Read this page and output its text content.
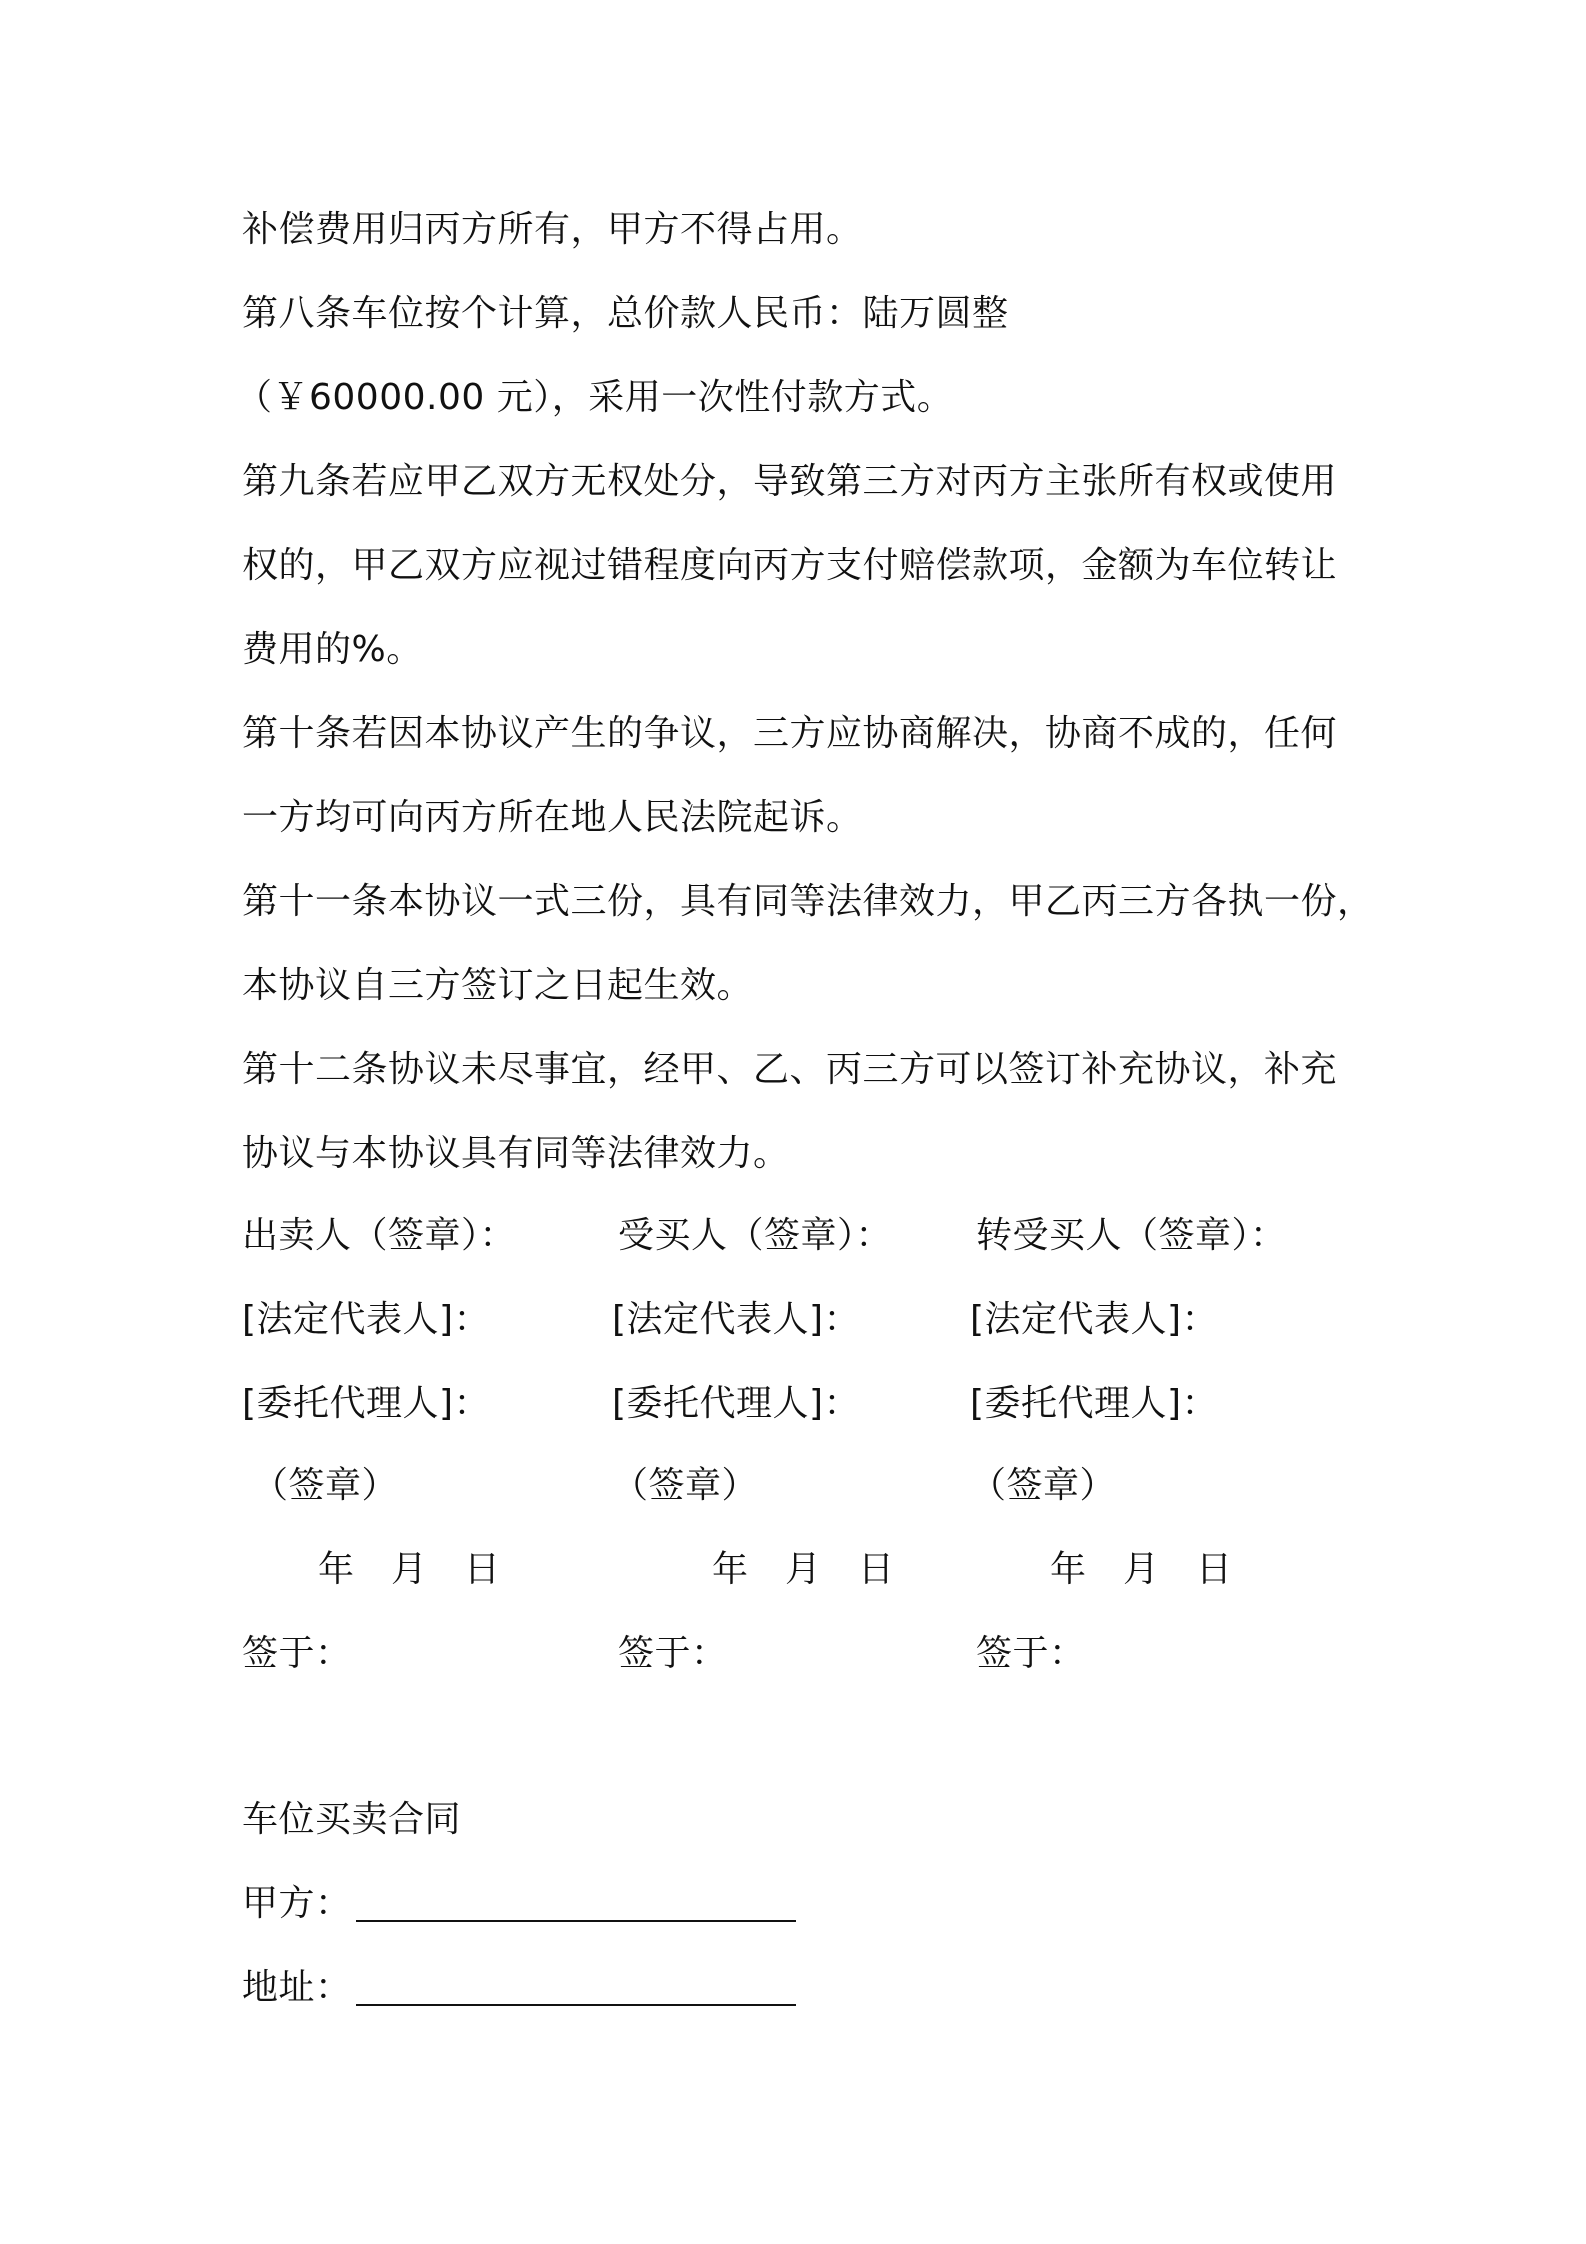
补偿费用归丙方所有，甲方不得占用。
第八条车位按个计算，总价款人民币：陆万圆整
（￥60000.00 元），采用一次性付款方式。
第九条若应甲乙双方无权处分，导致第三方对丙方主张所有权或使用
权的，甲乙双方应视过错程度向丙方支付赔偿款项，金额为车位转让
费用的%。
第十条若因本协议产生的争议，三方应协商解决，协商不成的，任何
一方均可向丙方所在地人民法院起诉。
第十一条本协议一式三份，具有同等法律效力，甲乙丙三方各执一份，
本协议自三方签订之日起生效。
第十二条协议未尽事宜，经甲、乙、丙三方可以签订补充协议，补充
协议与本协议具有同等法律效力。
出卖人（签章）：
[法定代表人]：
[委托代理人]：
（签章）
年　月　日
签于：
受买人（签章）：
[法定代表人]：
[委托代理人]：
（签章）
年　月　日
签于：
转受买人（签章）：
[法定代表人]：
[委托代理人]：
（签章）
年　月　日
签于：
车位买卖合同
甲方：
地址：
